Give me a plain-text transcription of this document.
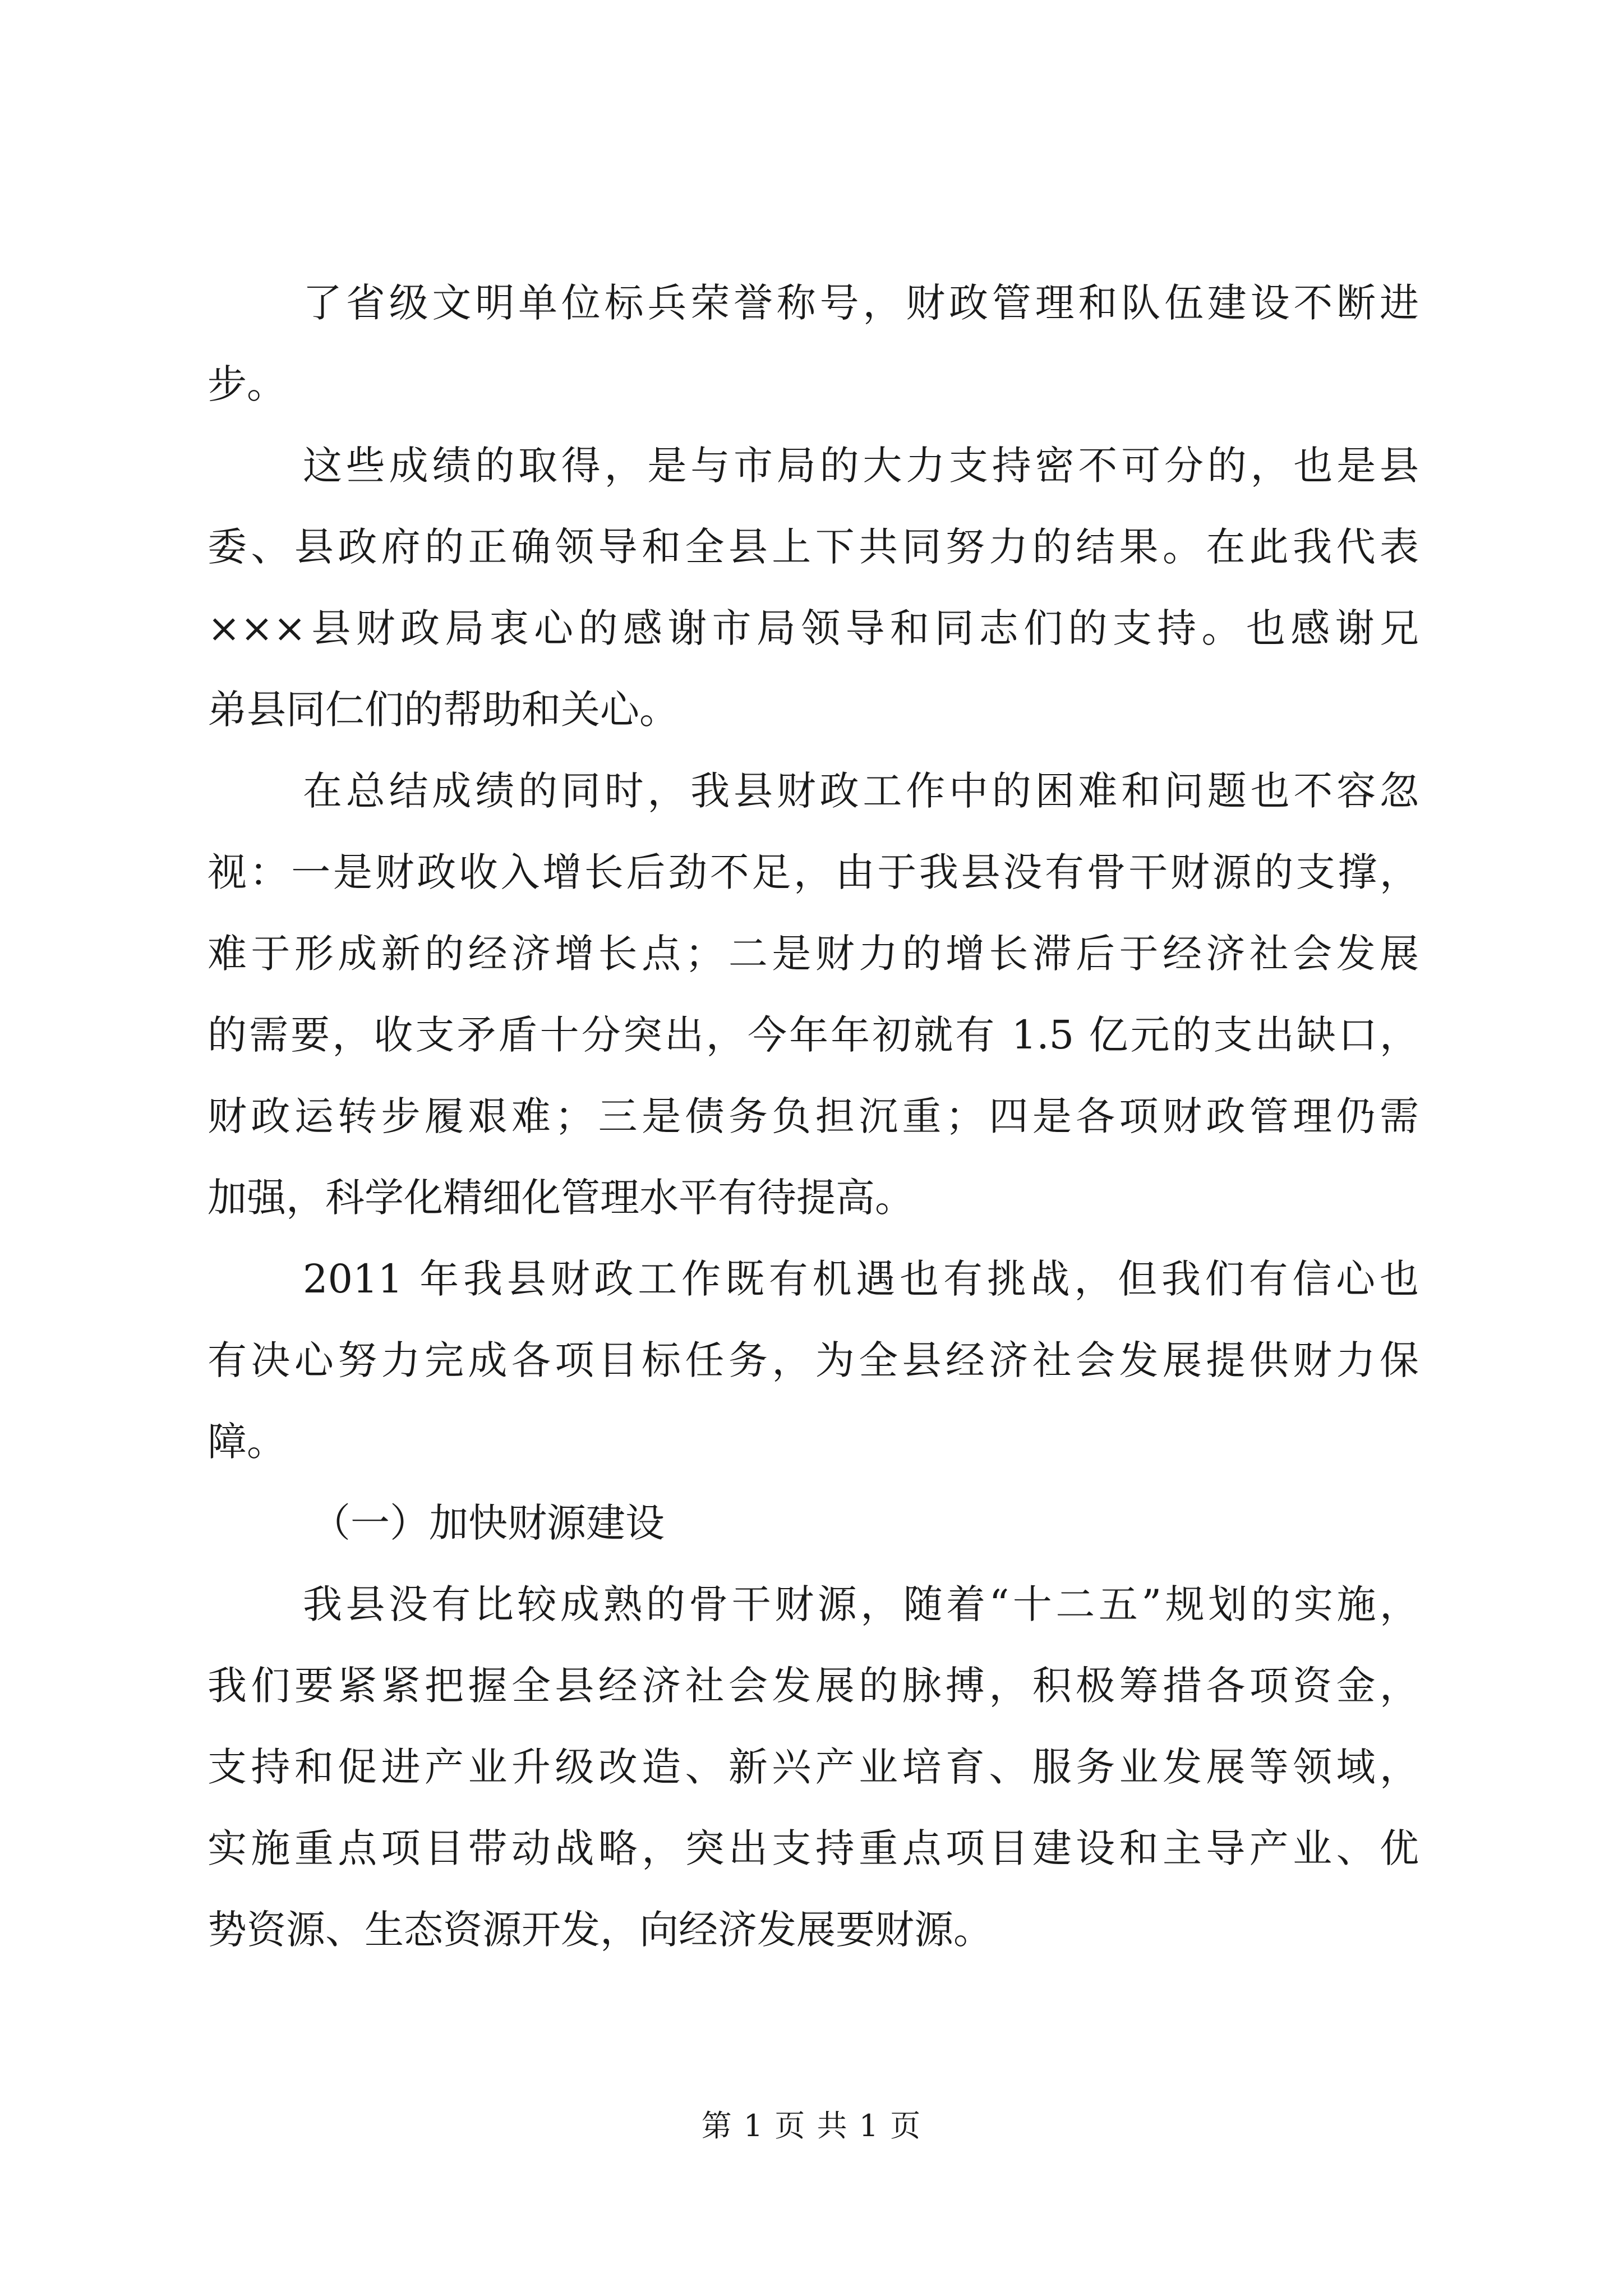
了省级文明单位标兵荣誉称号，财政管理和队伍建设不断进
步。
这些成绩的取得，是与市局的大力支持密不可分的，也是县
委、县政府的正确领导和全县上下共同努力的结果。在此我代表
×××县财政局衷心的感谢市局领导和同志们的支持。也感谢兄
弟县同仁们的帮助和关心。
在总结成绩的同时，我县财政工作中的困难和问题也不容忽
视：一是财政收入增长后劲不足，由于我县没有骨干财源的支撑，
难于形成新的经济增长点；二是财力的增长滞后于经济社会发展
的需要，收支矛盾十分突出，今年年初就有 1.5 亿元的支出缺口，
财政运转步履艰难；三是债务负担沉重；四是各项财政管理仍需
加强，科学化精细化管理水平有待提高。
2011 年我县财政工作既有机遇也有挑战，但我们有信心也
有决心努力完成各项目标任务，为全县经济社会发展提供财力保
障。
（一）加快财源建设
我县没有比较成熟的骨干财源，随着“十二五”规划的实施，
我们要紧紧把握全县经济社会发展的脉搏，积极筹措各项资金，
支持和促进产业升级改造、新兴产业培育、服务业发展等领域，
实施重点项目带动战略，突出支持重点项目建设和主导产业、优
势资源、生态资源开发，向经济发展要财源。
第 1 页 共 1 页
